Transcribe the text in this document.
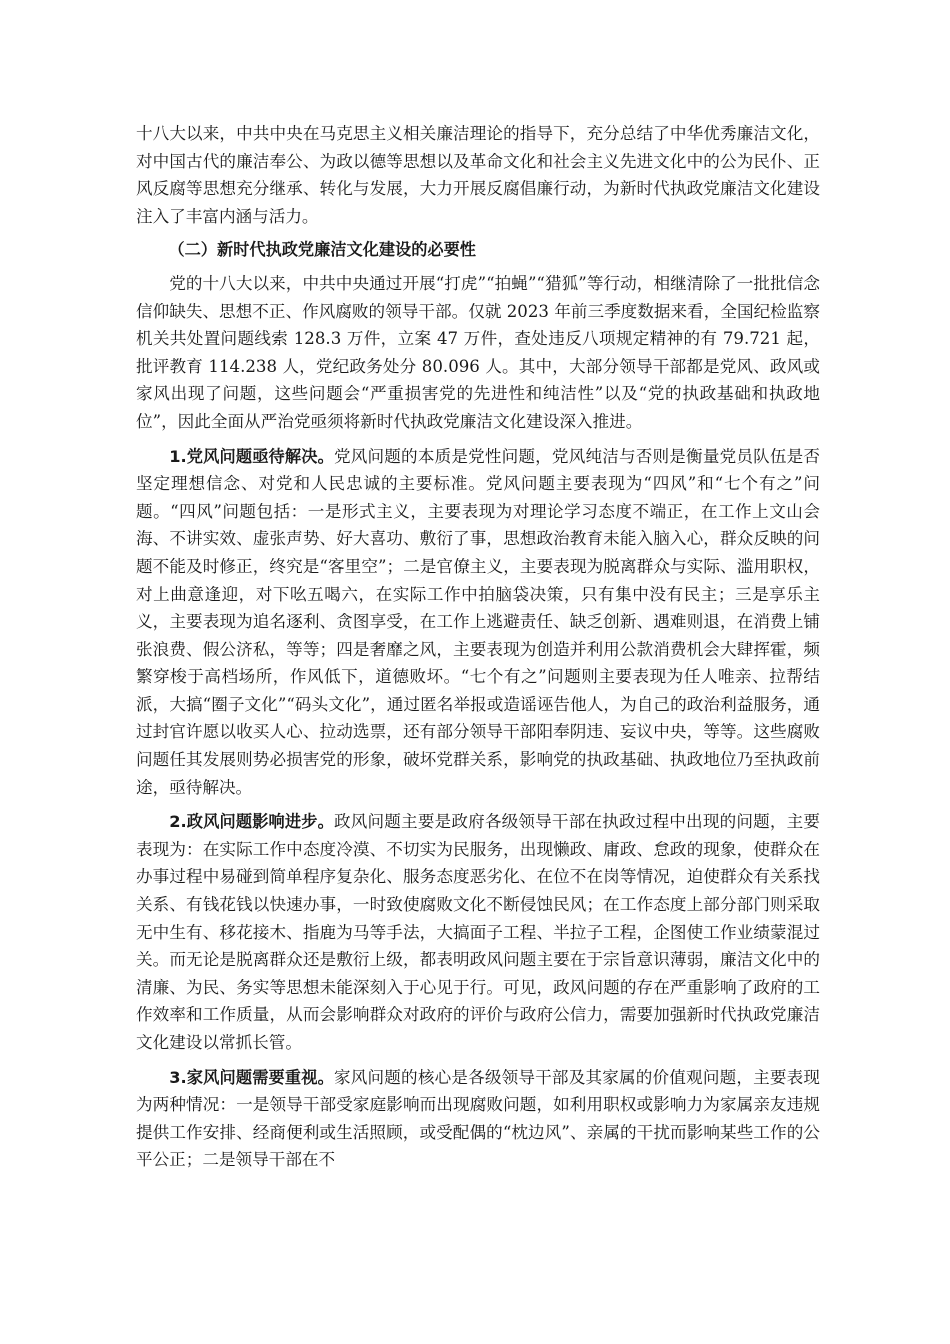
十八大以来，中共中央在马克思主义相关廉洁理论的指导下，充分总结了中华优秀廉洁文化，对中国古代的廉洁奉公、为政以德等思想以及革命文化和社会主义先进文化中的公为民仆、正风反腐等思想充分继承、转化与发展，大力开展反腐倡廉行动，为新时代执政党廉洁文化建设注入了丰富内涵与活力。

（二）新时代执政党廉洁文化建设的必要性

党的十八大以来，中共中央通过开展“打虎”“拍蝇”“猎狐”等行动，相继清除了一批批信念信仰缺失、思想不正、作风腐败的领导干部。仅就 2023 年前三季度数据来看，全国纪检监察机关共处置问题线索 128.3 万件，立案 47 万件，查处违反八项规定精神的有 79.721 起，批评教育 114.238 人，党纪政务处分 80.096 人。其中，大部分领导干部都是党风、政风或家风出现了问题，这些问题会“严重损害党的先进性和纯洁性”以及“党的执政基础和执政地位”，因此全面从严治党亟须将新时代执政党廉洁文化建设深入推进。

1.党风问题亟待解决。党风问题的本质是党性问题，党风纯洁与否则是衡量党员队伍是否坚定理想信念、对党和人民忠诚的主要标准。党风问题主要表现为“四风”和“七个有之”问题。“四风”问题包括：一是形式主义，主要表现为对理论学习态度不端正，在工作上文山会海、不讲实效、虚张声势、好大喜功、敷衍了事，思想政治教育未能入脑入心，群众反映的问题不能及时修正，终究是“客里空”；二是官僚主义，主要表现为脱离群众与实际、滥用职权，对上曲意逢迎，对下吆五喝六，在实际工作中拍脑袋决策，只有集中没有民主；三是享乐主义，主要表现为追名逐利、贪图享受，在工作上逃避责任、缺乏创新、遇难则退，在消费上铺张浪费、假公济私，等等；四是奢靡之风，主要表现为创造并利用公款消费机会大肆挥霍，频繁穿梭于高档场所，作风低下，道德败坏。“七个有之”问题则主要表现为任人唯亲、拉帮结派，大搞“圈子文化”“码头文化”，通过匿名举报或造谣诬告他人，为自己的政治利益服务，通过封官许愿以收买人心、拉动选票，还有部分领导干部阳奉阴违、妄议中央，等等。这些腐败问题任其发展则势必损害党的形象，破坏党群关系，影响党的执政基础、执政地位乃至执政前途，亟待解决。

2.政风问题影响进步。政风问题主要是政府各级领导干部在执政过程中出现的问题，主要表现为：在实际工作中态度冷漠、不切实为民服务，出现懒政、庸政、怠政的现象，使群众在办事过程中易碰到简单程序复杂化、服务态度恶劣化、在位不在岗等情况，迫使群众有关系找关系、有钱花钱以快速办事，一时致使腐败文化不断侵蚀民风；在工作态度上部分部门则采取无中生有、移花接木、指鹿为马等手法，大搞面子工程、半拉子工程，企图使工作业绩蒙混过关。而无论是脱离群众还是敷衍上级，都表明政风问题主要在于宗旨意识薄弱，廉洁文化中的清廉、为民、务实等思想未能深刻入于心见于行。可见，政风问题的存在严重影响了政府的工作效率和工作质量，从而会影响群众对政府的评价与政府公信力，需要加强新时代执政党廉洁文化建设以常抓长管。

3.家风问题需要重视。家风问题的核心是各级领导干部及其家属的价值观问题，主要表现为两种情况：一是领导干部受家庭影响而出现腐败问题，如利用职权或影响力为家属亲友违规提供工作安排、经商便利或生活照顾，或受配偶的“枕边风”、亲属的干扰而影响某些工作的公平公正；二是领导干部在不
